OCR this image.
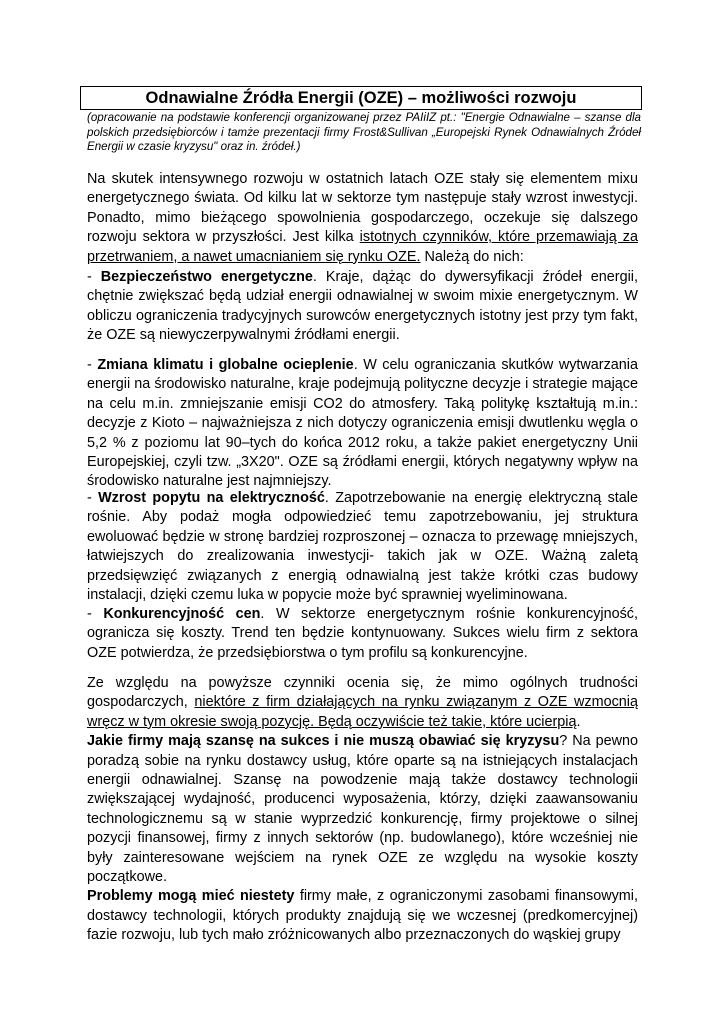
Odnawialne Źródła Energii (OZE) – możliwości rozwoju
(opracowanie na podstawie konferencji organizowanej przez PAIiIZ pt.: "Energie Odnawialne – szanse dla polskich przedsiębiorców i tamże prezentacji firmy Frost&Sullivan „Europejski Rynek Odnawialnych Źródeł Energii w czasie kryzysu" oraz in. źródeł.)

Na skutek intensywnego rozwoju w ostatnich latach OZE stały się elementem mixu energetycznego świata. Od kilku lat w sektorze tym następuje stały wzrost inwestycji. Ponadto, mimo bieżącego spowolnienia gospodarczego, oczekuje się dalszego rozwoju sektora w przyszłości. Jest kilka istotnych czynników, które przemawiają za przetrwaniem, a nawet umacnianiem się rynku OZE. Należą do nich:

- Bezpieczeństwo energetyczne. Kraje, dążąc do dywersyfikacji źródeł energii, chętnie zwiększać będą udział energii odnawialnej w swoim mixie energetycznym. W obliczu ograniczenia tradycyjnych surowców energetycznych istotny jest przy tym fakt, że OZE są niewyczerpywalnymi źródłami energii.

- Zmiana klimatu i globalne ocieplenie. W celu ograniczania skutków wytwarzania energii na środowisko naturalne, kraje podejmują polityczne decyzje i strategie mające na celu m.in. zmniejszanie emisji CO2 do atmosfery. Taką politykę kształtują m.in.: decyzje z Kioto – najważniejsza z nich dotyczy ograniczenia emisji dwutlenku węgla o 5,2 % z poziomu lat 90–tych do końca 2012 roku, a także pakiet energetyczny Unii Europejskiej, czyli tzw. „3X20". OZE są źródłami energii, których negatywny wpływ na środowisko naturalne jest najmniejszy.

- Wzrost popytu na elektryczność. Zapotrzebowanie na energię elektryczną stale rośnie. Aby podaż mogła odpowiedzieć temu zapotrzebowaniu, jej struktura ewoluować będzie w stronę bardziej rozproszonej – oznacza to przewagę mniejszych, łatwiejszych do zrealizowania inwestycji- takich jak w OZE. Ważną zaletą przedsięwzięć związanych z energią odnawialną jest także krótki czas budowy instalacji, dzięki czemu luka w popycie może być sprawniej wyeliminowana.

- Konkurencyjność cen. W sektorze energetycznym rośnie konkurencyjność, ogranicza się koszty. Trend ten będzie kontynuowany. Sukces wielu firm z sektora OZE potwierdza, że przedsiębiorstwa o tym profilu są konkurencyjne.

Ze względu na powyższe czynniki ocenia się, że mimo ogólnych trudności gospodarczych, niektóre z firm działających na rynku związanym z OZE wzmocnią wręcz w tym okresie swoją pozycję. Będą oczywiście też takie, które ucierpią.

Jakie firmy mają szansę na sukces i nie muszą obawiać się kryzysu? Na pewno poradzą sobie na rynku dostawcy usług, które oparte są na istniejących instalacjach energii odnawialnej. Szansę na powodzenie mają także dostawcy technologii zwiększającej wydajność, producenci wyposażenia, którzy, dzięki zaawansowaniu technologicznemu są w stanie wyprzedzić konkurencję, firmy projektowe o silnej pozycji finansowej, firmy z innych sektorów (np. budowlanego), które wcześniej nie były zainteresowane wejściem na rynek OZE ze względu na wysokie koszty początkowe.

Problemy mogą mieć niestety firmy małe, z ograniczonymi zasobami finansowymi, dostawcy technologii, których produkty znajdują się we wczesnej (predkomercyjnej) fazie rozwoju, lub tych mało zróżnicowanych albo przeznaczonych do wąskiej grupy
